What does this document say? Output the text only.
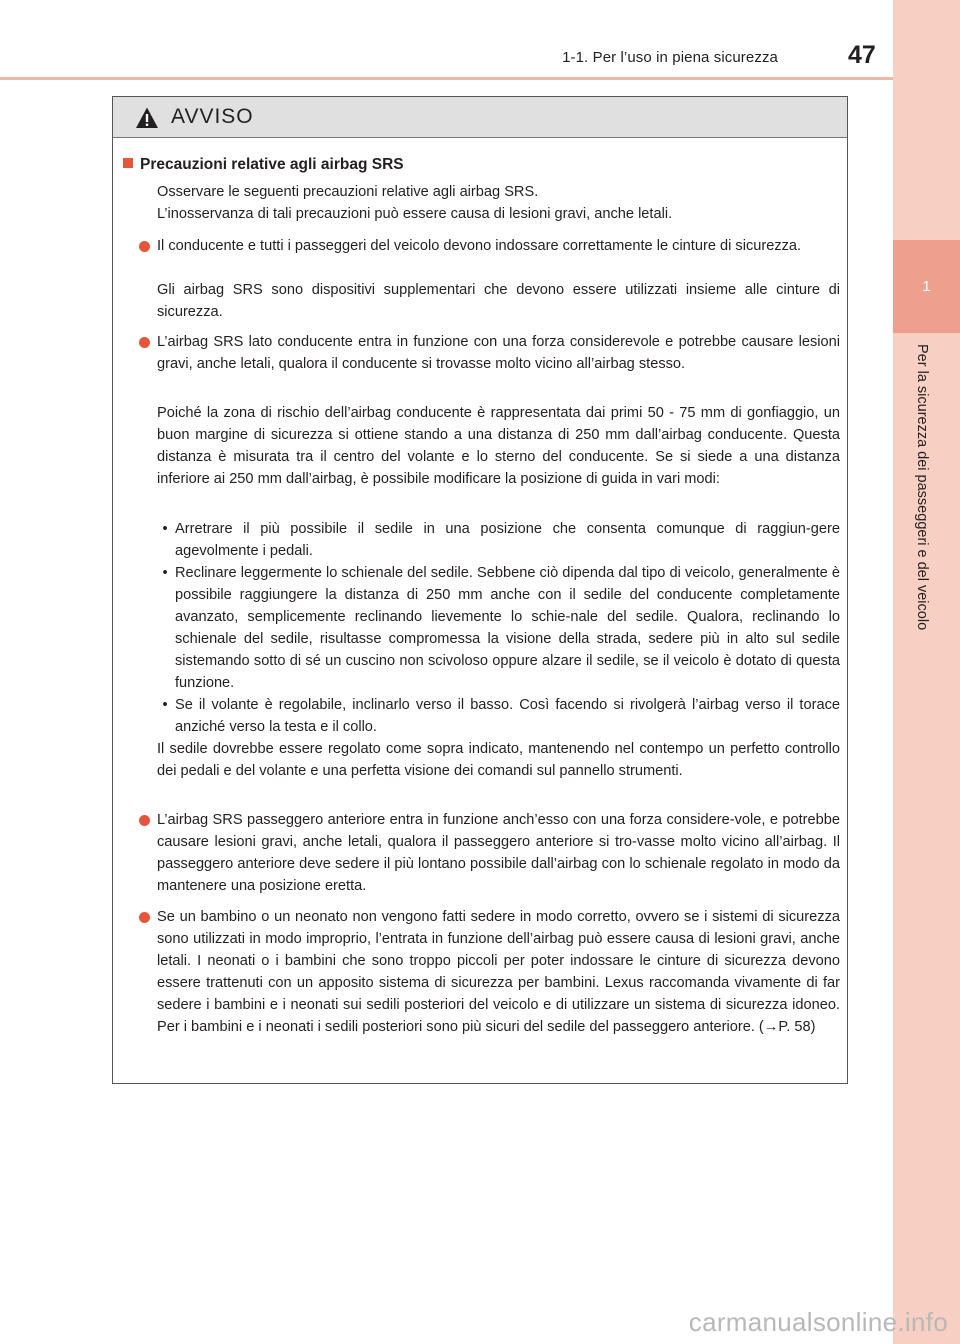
1-1. Per l’uso in piena sicurezza	47
1
Per la sicurezza dei passeggeri e del veicolo
AVVISO
Precauzioni relative agli airbag SRS
Osservare le seguenti precauzioni relative agli airbag SRS.
L’inosservanza di tali precauzioni può essere causa di lesioni gravi, anche letali.
Il conducente e tutti i passeggeri del veicolo devono indossare correttamente le cinture di sicurezza.
Gli airbag SRS sono dispositivi supplementari che devono essere utilizzati insieme alle cinture di sicurezza.
L’airbag SRS lato conducente entra in funzione con una forza considerevole e potrebbe causare lesioni gravi, anche letali, qualora il conducente si trovasse molto vicino all’airbag stesso.
Poiché la zona di rischio dell’airbag conducente è rappresentata dai primi 50 - 75 mm di gonfiaggio, un buon margine di sicurezza si ottiene stando a una distanza di 250 mm dall’airbag conducente. Questa distanza è misurata tra il centro del volante e lo sterno del conducente. Se si siede a una distanza inferiore ai 250 mm dall’airbag, è possibile modificare la posizione di guida in vari modi:
• Arretrare il più possibile il sedile in una posizione che consenta comunque di raggiun-gere agevolmente i pedali.
• Reclinare leggermente lo schienale del sedile. Sebbene ciò dipenda dal tipo di veicolo, generalmente è possibile raggiungere la distanza di 250 mm anche con il sedile del conducente completamente avanzato, semplicemente reclinando lievemente lo schie-nale del sedile. Qualora, reclinando lo schienale del sedile, risultasse compromessa la visione della strada, sedere più in alto sul sedile sistemando sotto di sé un cuscino non scivoloso oppure alzare il sedile, se il veicolo è dotato di questa funzione.
• Se il volante è regolabile, inclinarlo verso il basso. Così facendo si rivolgerà l’airbag verso il torace anziché verso la testa e il collo.
Il sedile dovrebbe essere regolato come sopra indicato, mantenendo nel contempo un perfetto controllo dei pedali e del volante e una perfetta visione dei comandi sul pannello strumenti.
L’airbag SRS passeggero anteriore entra in funzione anch’esso con una forza considere-vole, e potrebbe causare lesioni gravi, anche letali, qualora il passeggero anteriore si tro-vasse molto vicino all’airbag. Il passeggero anteriore deve sedere il più lontano possibile dall’airbag con lo schienale regolato in modo da mantenere una posizione eretta.
Se un bambino o un neonato non vengono fatti sedere in modo corretto, ovvero se i sistemi di sicurezza sono utilizzati in modo improprio, l’entrata in funzione dell’airbag può essere causa di lesioni gravi, anche letali. I neonati o i bambini che sono troppo piccoli per poter indossare le cinture di sicurezza devono essere trattenuti con un apposito sistema di sicurezza per bambini. Lexus raccomanda vivamente di far sedere i bambini e i neonati sui sedili posteriori del veicolo e di utilizzare un sistema di sicurezza idoneo. Per i bambini e i neonati i sedili posteriori sono più sicuri del sedile del passeggero anteriore. (→P. 58)
carmanualsonline.info
